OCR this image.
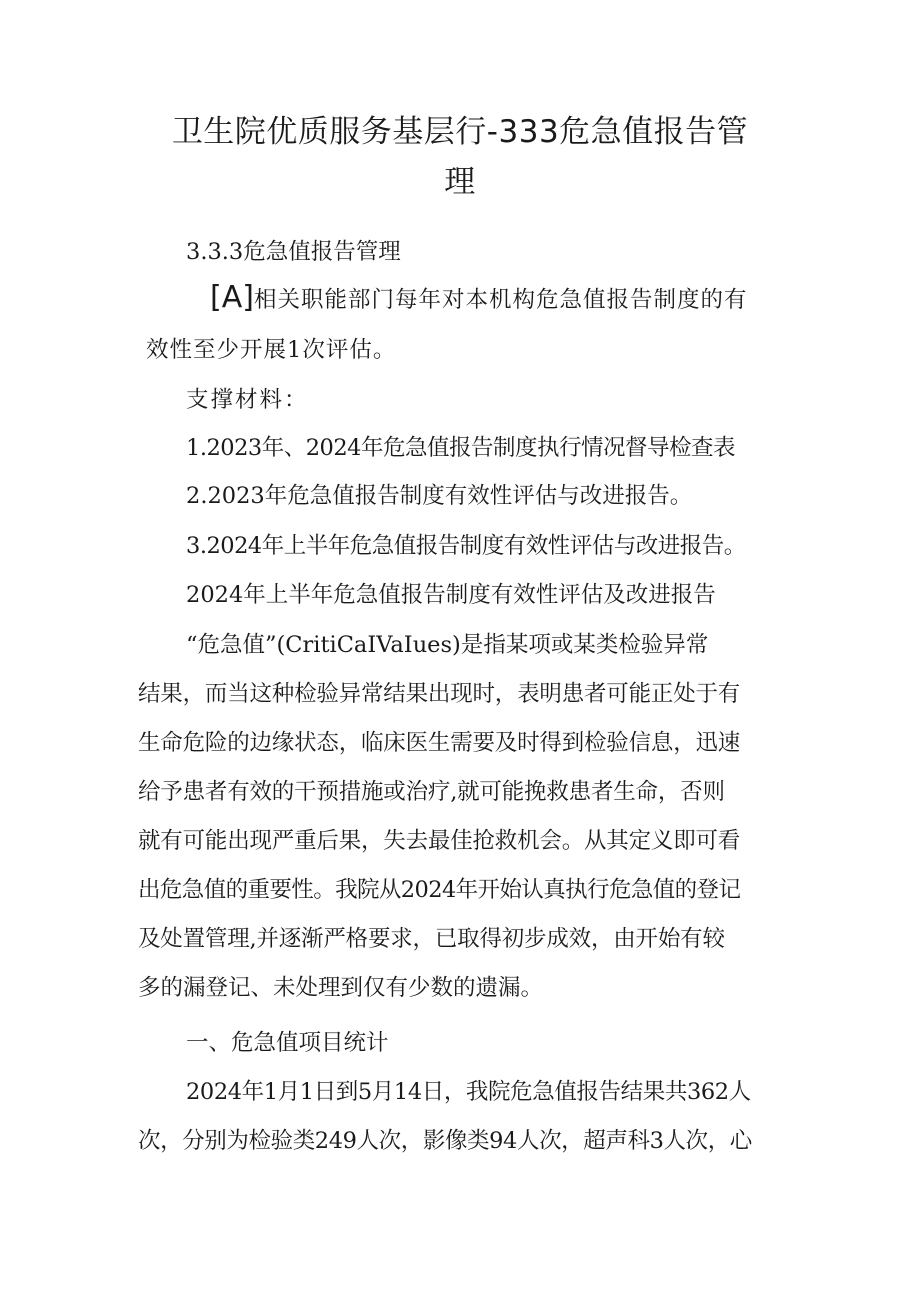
卫生院优质服务基层行-333危急值报告管
理

3.3.3危急值报告管理

[A]相关职能部门每年对本机构危急值报告制度的有

效性至少开展1次评估。

支撑材料：

1.2023年、2024年危急值报告制度执行情况督导检查表

2.2023年危急值报告制度有效性评估与改进报告。

3.2024年上半年危急值报告制度有效性评估与改进报告。

2024年上半年危急值报告制度有效性评估及改进报告

“危急值”(CritiCaIVaIues)是指某项或某类检验异常

结果，而当这种检验异常结果出现时，表明患者可能正处于有

生命危险的边缘状态，临床医生需要及时得到检验信息，迅速

给予患者有效的干预措施或治疗,就可能挽救患者生命，否则

就有可能出现严重后果，失去最佳抢救机会。从其定义即可看

出危急值的重要性。我院从2024年开始认真执行危急值的登记

及处置管理,并逐渐严格要求，已取得初步成效，由开始有较

多的漏登记、未处理到仅有少数的遗漏。

一、危急值项目统计

2024年1月1日到5月14日，我院危急值报告结果共362人

次，分别为检验类249人次，影像类94人次，超声科3人次，心
